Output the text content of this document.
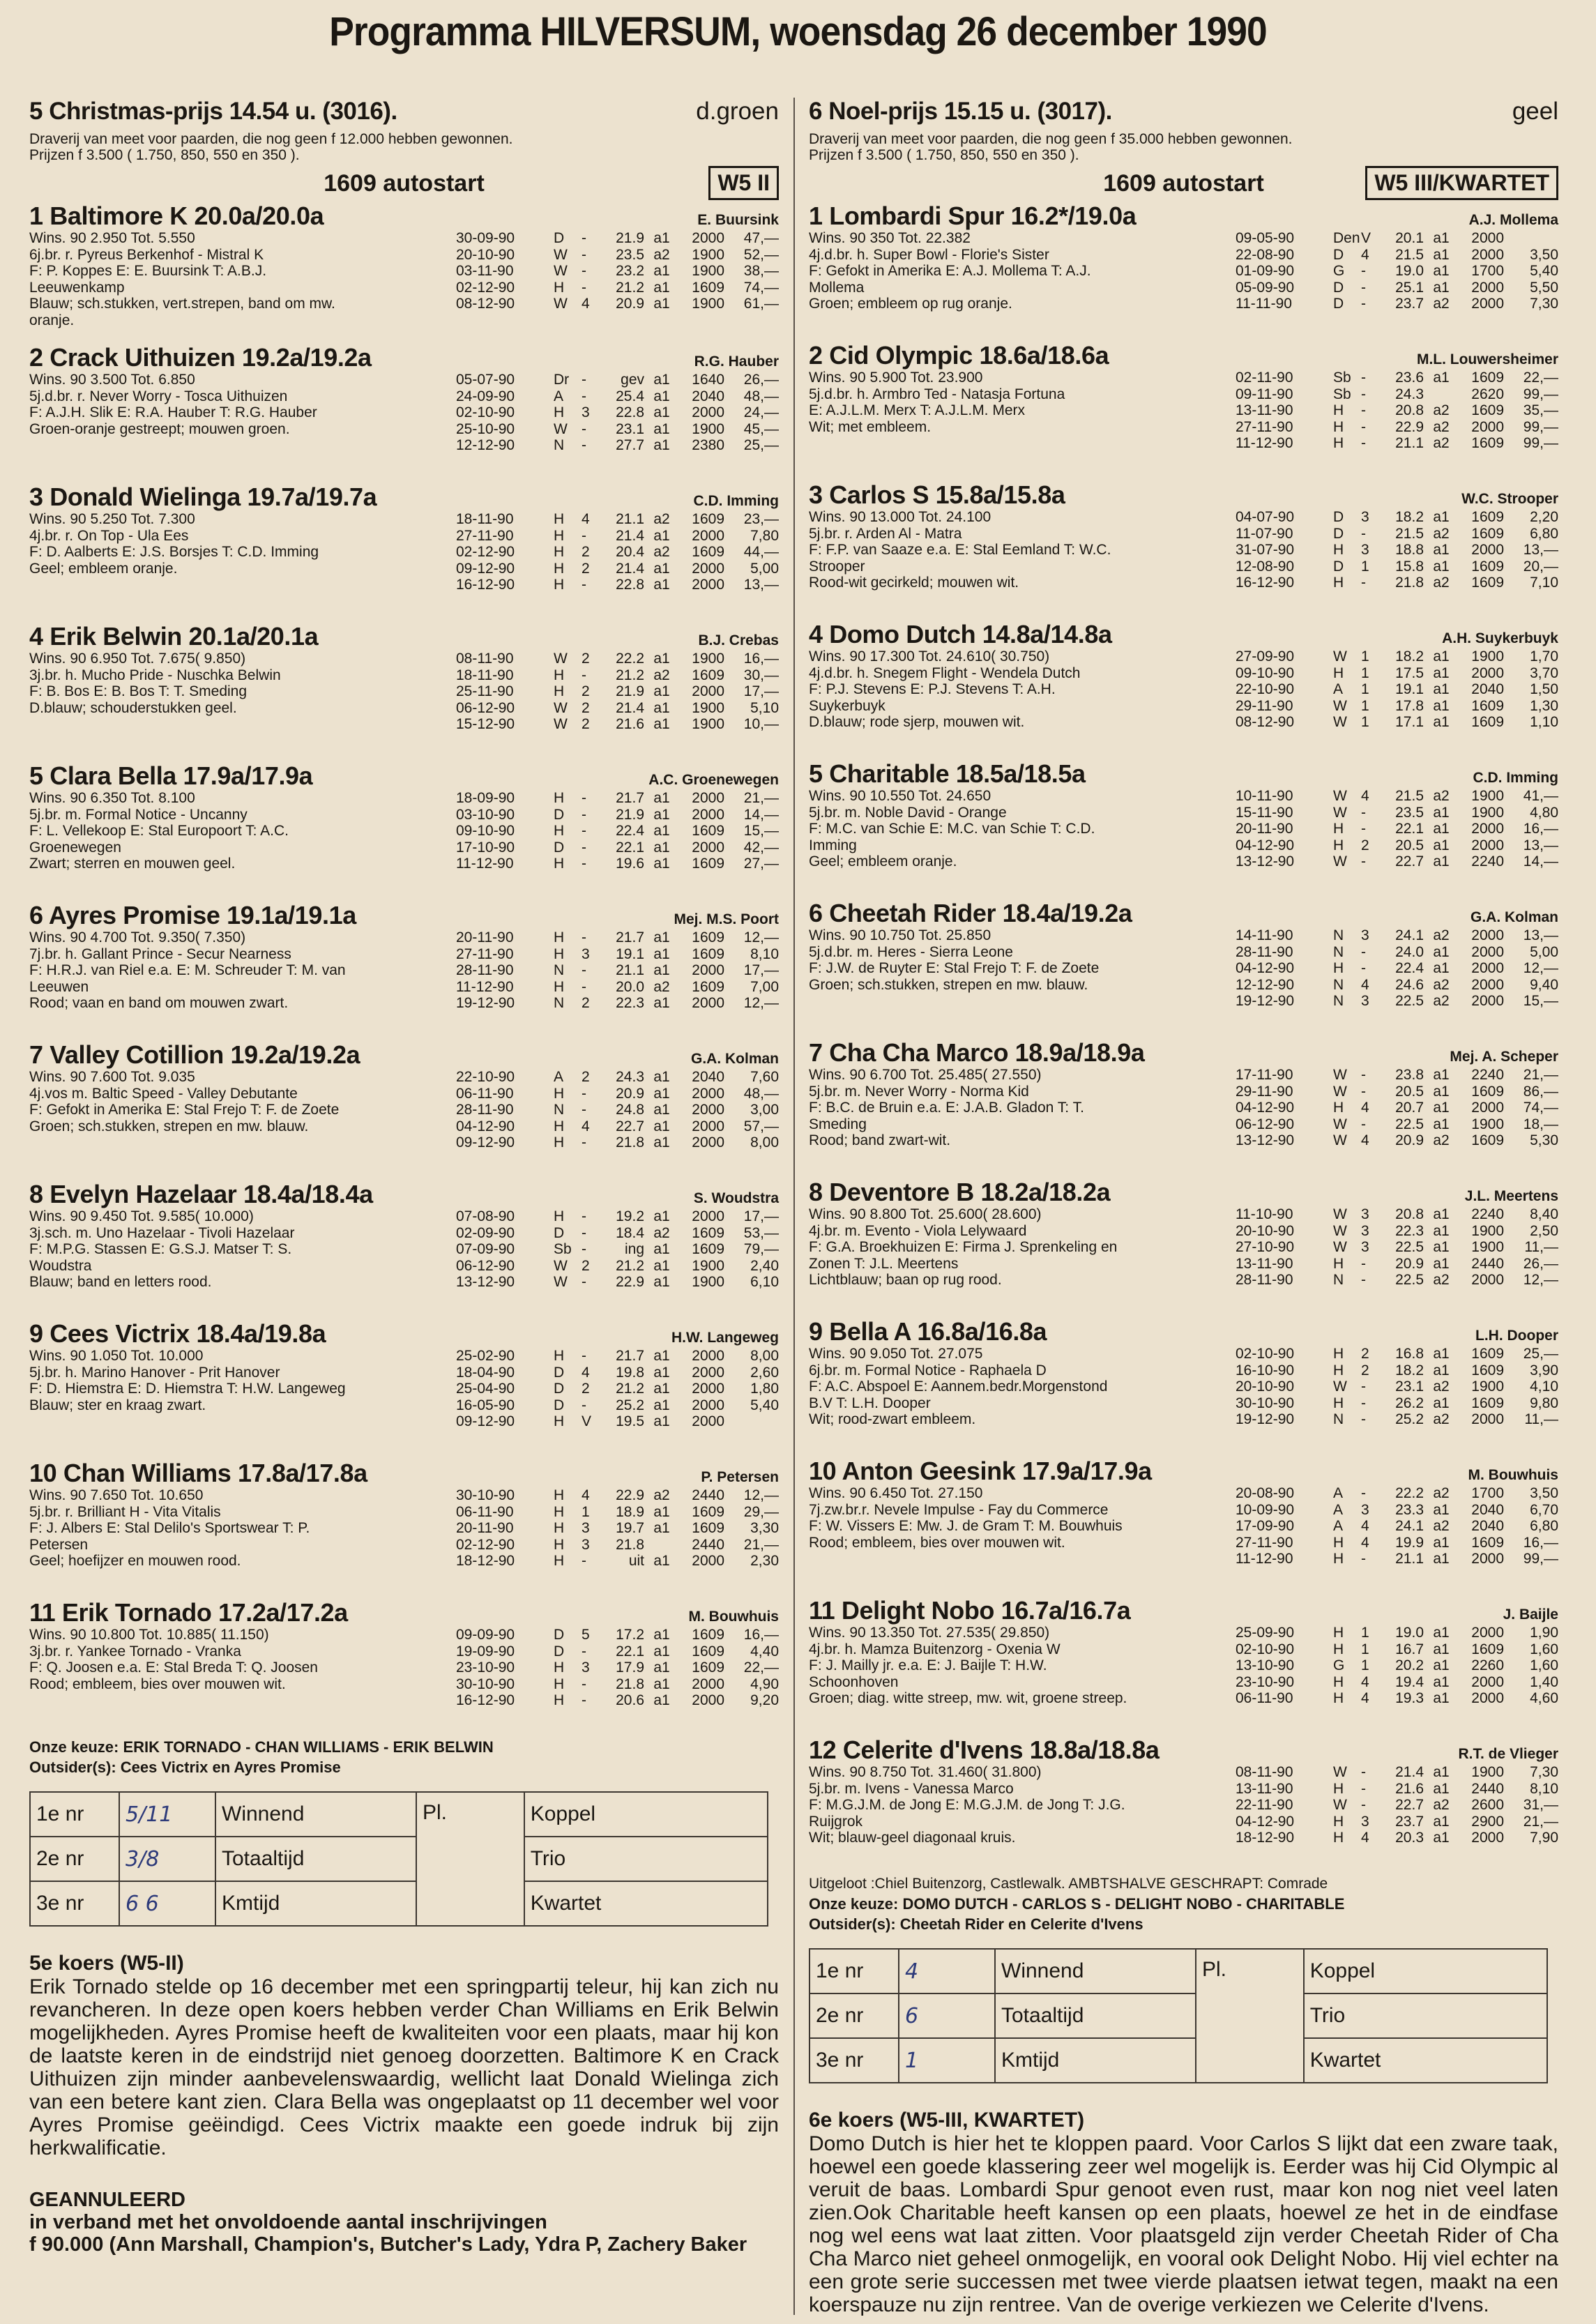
Programma HILVERSUM, woensdag 26 december 1990
5 Christmas-prijs 14.54 u. (3016).	d.groen
Draverij van meet voor paarden, die nog geen f 12.000 hebben gewonnen.
Prijzen f 3.500 ( 1.750, 850, 550 en 350 ).
1609 autostart	W5 II
1 Baltimore K 20.0a/20.0a	E. Buursink
Wins. 90 2.950 Tot. 5.550
6j.br. r. Pyreus Berkenhof - Mistral K
F: P. Koppes E: E. Buursink T: A.B.J.
Leeuwenkamp
Blauw; sch.stukken, vert.strepen, band om mw.
oranje.
30-09-90	D	-	21.9 a1	2000	47,—
20-10-90	W -	23.5 a2	1900	52,—
03-11-90	W -	23.2 a1	1900	38,—
02-12-90	H	-	21.2 a1	1609	74,—
08-12-90	W 4	20.9 a1	1900	61,—
2 Crack Uithuizen 19.2a/19.2a	R.G. Hauber
Wins. 90 3.500 Tot. 6.850
5j.d.br. r. Never Worry - Tosca Uithuizen
F: A.J.H. Slik E: R.A. Hauber T: R.G. Hauber
Groen-oranje gestreept; mouwen groen.
05-07-90	Dr -	gev a1	1640	26,—
24-09-90	A	-	25.4 a1	2040	48,—
02-10-90	H	3	22.8 a1	2000	24,—
25-10-90	W -	23.1 a1	1900	45,—
12-12-90	N	-	27.7 a1	2380	25,—
3 Donald Wielinga 19.7a/19.7a	C.D. Imming
Wins. 90 5.250 Tot. 7.300
4j.br. r. On Top - Ula Ees
F: D. Aalberts E: J.S. Borsjes T: C.D. Imming
Geel; embleem oranje.
18-11-90	H	4	21.1 a2	1609	23,—
27-11-90	H	-	21.4 a1	2000	7,80
02-12-90	H	2	20.4 a2	1609	44,—
09-12-90	H	2	21.4 a1	2000	5,00
16-12-90	H	-	22.8 a1	2000	13,—
4 Erik Belwin 20.1a/20.1a	B.J. Crebas
Wins. 90 6.950 Tot. 7.675( 9.850)
3j.br. h. Mucho Pride - Nuschka Belwin
F: B. Bos E: B. Bos T: T. Smeding
D.blauw; schouderstukken geel.
08-11-90	W 2	22.2 a1	1900	16,—
18-11-90	H	-	21.2 a2	1609	30,—
25-11-90	H	2	21.9 a1	2000	17,—
06-12-90	W 2	21.4 a1	1900	5,10
15-12-90	W 2	21.6 a1	1900	10,—
5 Clara Bella 17.9a/17.9a	A.C. Groenewegen
Wins. 90 6.350 Tot. 8.100
5j.br. m. Formal Notice - Uncanny
F: L. Vellekoop E: Stal Europoort T: A.C.
Groenewegen
Zwart; sterren en mouwen geel.
18-09-90	H	-	21.7 a1	2000	21,—
03-10-90	D	-	21.9 a1	2000	14,—
09-10-90	H	-	22.4 a1	1609	15,—
17-10-90	D	-	22.1 a1	2000	42,—
11-12-90	H	-	19.6 a1	1609	27,—
6 Ayres Promise 19.1a/19.1a	Mej. M.S. Poort
Wins. 90 4.700 Tot. 9.350( 7.350)
7j.br. h. Gallant Prince - Secur Nearness
F: H.R.J. van Riel e.a. E: M. Schreuder T: M. van
Leeuwen
Rood; vaan en band om mouwen zwart.
20-11-90	H	-	21.7 a1	1609	12,—
27-11-90	H	3	19.1 a1	1609	8,10
28-11-90	N	-	21.1 a1	2000	17,—
11-12-90	H	-	20.0 a2	1609	7,00
19-12-90	N	2	22.3 a1	2000	12,—
7 Valley Cotillion 19.2a/19.2a	G.A. Kolman
Wins. 90 7.600 Tot. 9.035
4j.vos m. Baltic Speed - Valley Debutante
F: Gefokt in Amerika E: Stal Frejo T: F. de Zoete
Groen; sch.stukken, strepen en mw. blauw.
22-10-90	A	2	24.3 a1	2040	7,60
06-11-90	H	-	20.9 a1	2000	48,—
28-11-90	N	-	24.8 a1	2000	3,00
04-12-90	H	4	22.7 a1	2000	57,—
09-12-90	H	-	21.8 a1	2000	8,00
8 Evelyn Hazelaar 18.4a/18.4a	S. Woudstra
Wins. 90 9.450 Tot. 9.585( 10.000)
3j.sch. m. Uno Hazelaar - Tivoli Hazelaar
F: M.P.G. Stassen E: G.S.J. Matser T: S.
Woudstra
Blauw; band en letters rood.
07-08-90	H	-	19.2 a1	2000	17,—
02-09-90	D	-	18.4 a2	1609	53,—
07-09-90	Sb -	ing a1	1609	79,—
06-12-90	W 2	21.2 a1	1900	2,40
13-12-90	W -	22.9 a1	1900	6,10
9 Cees Victrix 18.4a/19.8a	H.W. Langeweg
Wins. 90 1.050 Tot. 10.000
5j.br. h. Marino Hanover - Prit Hanover
F: D. Hiemstra E: D. Hiemstra T: H.W. Langeweg
Blauw; ster en kraag zwart.
25-02-90	H	-	21.7 a1	2000	8,00
18-04-90	D	4	19.8 a1	2000	2,60
25-04-90	D	2	21.2 a1	2000	1,80
16-05-90	D	-	25.2 a1	2000	5,40
09-12-90	H	V	19.5 a1	2000
10 Chan Williams 17.8a/17.8a	P. Petersen
Wins. 90 7.650 Tot. 10.650
5j.br. r. Brilliant H - Vita Vitalis
F: J. Albers E: Stal Delilo's Sportswear T: P.
Petersen
Geel; hoefijzer en mouwen rood.
30-10-90	H	4	22.9 a2	2440	12,—
06-11-90	H	1	18.9 a1	1609	29,—
20-11-90	H	3	19.7 a1	1609	3,30
02-12-90	H	3	21.8	2440	21,—
18-12-90	H	-	uit a1	2000	2,30
11 Erik Tornado 17.2a/17.2a	M. Bouwhuis
Wins. 90 10.800 Tot. 10.885( 11.150)
3j.br. r. Yankee Tornado - Vranka
F: Q. Joosen e.a. E: Stal Breda T: Q. Joosen
Rood; embleem, bies over mouwen wit.
09-09-90	D	5	17.2 a1	1609	16,—
19-09-90	D	-	22.1 a1	1609	4,40
23-10-90	H	3	17.9 a1	1609	22,—
30-10-90	H	-	21.8 a1	2000	4,90
16-12-90	H	-	20.6 a1	2000	9,20
Onze keuze: ERIK TORNADO - CHAN WILLIAMS - ERIK BELWIN
Outsider(s): Cees Victrix en Ayres Promise
1e nr	5/11	Winnend	Pl.	Koppel
2e nr	3/8	Totaaltijd		Trio
3e nr	6 6	Kmtijd		Kwartet
5e koers (W5-II)
Erik Tornado stelde op 16 december met een springpartij teleur, hij kan zich nu revancheren. In deze open koers hebben verder Chan Williams en Erik Belwin mogelijkheden. Ayres Promise heeft de kwaliteiten voor een plaats, maar hij kon de laatste keren in de eindstrijd niet genoeg doorzetten. Baltimore K en Crack Uithuizen zijn minder aanbevelenswaardig, wellicht laat Donald Wielinga zich van een betere kant zien. Clara Bella was ongeplaatst op 11 december wel voor Ayres Promise geëindigd. Cees Victrix maakte een goede indruk bij zijn herkwalificatie.
GEANNULEERD
in verband met het onvoldoende aantal inschrijvingen
f 90.000 (Ann Marshall, Champion's, Butcher's Lady, Ydra P, Zachery Baker
6 Noel-prijs 15.15 u. (3017).	geel
Draverij van meet voor paarden, die nog geen f 35.000 hebben gewonnen.
Prijzen f 3.500 ( 1.750, 850, 550 en 350 ).
1609 autostart	W5 III/KWARTET
1 Lombardi Spur 16.2*/19.0a	A.J. Mollema
Wins. 90 350 Tot. 22.382
4j.d.br. h. Super Bowl - Florie's Sister
F: Gefokt in Amerika E: A.J. Mollema T: A.J.
Mollema
Groen; embleem op rug oranje.
09-05-90	Den V	20.1 a1	2000
22-08-90	D	4	21.5 a1	2000	3,50
01-09-90	G	-	19.0 a1	1700	5,40
05-09-90	D	-	25.1 a1	2000	5,50
11-11-90	D	-	23.7 a2	2000	7,30
2 Cid Olympic 18.6a/18.6a	M.L. Louwersheimer
Wins. 90 5.900 Tot. 23.900
5j.d.br. h. Armbro Ted - Natasja Fortuna
E: A.J.L.M. Merx T: A.J.L.M. Merx
Wit; met embleem.
02-11-90	Sb -	23.6 a1	1609	22,—
09-11-90	Sb -	24.3	2620	99,—
13-11-90	H	-	20.8 a2	1609	35,—
27-11-90	H	-	22.9 a2	2000	99,—
11-12-90	H	-	21.1 a2	1609	99,—
3 Carlos S 15.8a/15.8a	W.C. Strooper
Wins. 90 13.000 Tot. 24.100
5j.br. r. Arden Al - Matra
F: F.P. van Saaze e.a. E: Stal Eemland T: W.C.
Strooper
Rood-wit gecirkeld; mouwen wit.
04-07-90	D	3	18.2 a1	1609	2,20
11-07-90	D	-	21.5 a2	1609	6,80
31-07-90	H	3	18.8 a1	2000	13,—
12-08-90	D	1	15.8 a1	1609	20,—
16-12-90	H	-	21.8 a2	1609	7,10
4 Domo Dutch 14.8a/14.8a	A.H. Suykerbuyk
Wins. 90 17.300 Tot. 24.610( 30.750)
4j.d.br. h. Snegem Flight - Wendela Dutch
F: P.J. Stevens E: P.J. Stevens T: A.H.
Suykerbuyk
D.blauw; rode sjerp, mouwen wit.
27-09-90	W 1	18.2 a1	1900	1,70
09-10-90	H	1	17.5 a1	2000	3,70
22-10-90	A	1	19.1 a1	2040	1,50
29-11-90	W 1	17.8 a1	1609	1,30
08-12-90	W 1	17.1 a1	1609	1,10
5 Charitable 18.5a/18.5a	C.D. Imming
Wins. 90 10.550 Tot. 24.650
5j.br. m. Noble David - Orange
F: M.C. van Schie E: M.C. van Schie T: C.D.
Imming
Geel; embleem oranje.
10-11-90	W 4	21.5 a2	1900	41,—
15-11-90	W -	23.5 a1	1900	4,80
20-11-90	H	-	22.1 a1	2000	16,—
04-12-90	H	2	20.5 a1	2000	13,—
13-12-90	W -	22.7 a1	2240	14,—
6 Cheetah Rider 18.4a/19.2a	G.A. Kolman
Wins. 90 10.750 Tot. 25.850
5j.d.br. m. Heres - Sierra Leone
F: J.W. de Ruyter E: Stal Frejo T: F. de Zoete
Groen; sch.stukken, strepen en mw. blauw.
14-11-90	N	3	24.1 a2	2000	13,—
28-11-90	N	-	24.0 a1	2000	5,00
04-12-90	H	-	22.4 a1	2000	12,—
12-12-90	N	4	24.6 a2	2000	9,40
19-12-90	N	3	22.5 a2	2000	15,—
7 Cha Cha Marco 18.9a/18.9a	Mej. A. Scheper
Wins. 90 6.700 Tot. 25.485( 27.550)
5j.br. m. Never Worry - Norma Kid
F: B.C. de Bruin e.a. E: J.A.B. Gladon T: T.
Smeding
Rood; band zwart-wit.
17-11-90	W -	23.8 a1	2240	21,—
29-11-90	W -	20.5 a1	1609	86,—
04-12-90	H	4	20.7 a1	2000	74,—
06-12-90	W -	22.5 a1	1900	18,—
13-12-90	W 4	20.9 a2	1609	5,30
8 Deventore B 18.2a/18.2a	J.L. Meertens
Wins. 90 8.800 Tot. 25.600( 28.600)
4j.br. m. Evento - Viola Lelywaard
F: G.A. Broekhuizen E: Firma J. Sprenkeling en
Zonen T: J.L. Meertens
Lichtblauw; baan op rug rood.
11-10-90	W 3	20.8 a1	2240	8,40
20-10-90	W 3	22.3 a1	1900	2,50
27-10-90	W 3	22.5 a1	1900	11,—
13-11-90	H	-	20.9 a1	2440	26,—
28-11-90	N	-	22.5 a2	2000	12,—
9 Bella A 16.8a/16.8a	L.H. Dooper
Wins. 90 9.050 Tot. 27.075
6j.br. m. Formal Notice - Raphaela D
F: A.C. Abspoel E: Aannem.bedr.Morgenstond
B.V T: L.H. Dooper
Wit; rood-zwart embleem.
02-10-90	H	2	16.8 a1	1609	25,—
16-10-90	H	2	18.2 a1	1609	3,90
20-10-90	W -	23.1 a2	1900	4,10
30-10-90	H	-	26.2 a1	1609	9,80
19-12-90	N	-	25.2 a2	2000	11,—
10 Anton Geesink 17.9a/17.9a	M. Bouwhuis
Wins. 90 6.450 Tot. 27.150
7j.zw.br.r. Nevele Impulse - Fay du Commerce
F: W. Vissers E: Mw. J. de Gram T: M. Bouwhuis
Rood; embleem, bies over mouwen wit.
20-08-90	A	-	22.2 a2	1700	3,50
10-09-90	A	3	23.3 a1	2040	6,70
17-09-90	A	4	24.1 a2	2040	6,80
27-11-90	H	4	19.9 a1	1609	16,—
11-12-90	H	-	21.1 a1	2000	99,—
11 Delight Nobo 16.7a/16.7a	J. Baijle
Wins. 90 13.350 Tot. 27.535( 29.850)
4j.br. h. Mamza Buitenzorg - Oxenia W
F: J. Mailly jr. e.a. E: J. Baijle T: H.W.
Schoonhoven
Groen; diag. witte streep, mw. wit, groene streep.
25-09-90	H	1	19.0 a1	2000	1,90
02-10-90	H	1	16.7 a1	1609	1,60
13-10-90	G	1	20.2 a1	2260	1,60
23-10-90	H	4	19.4 a1	2000	1,40
06-11-90	H	4	19.3 a1	2000	4,60
12 Celerite d'Ivens 18.8a/18.8a	R.T. de Vlieger
Wins. 90 8.750 Tot. 31.460( 31.800)
5j.br. m. Ivens - Vanessa Marco
F: M.G.J.M. de Jong E: M.G.J.M. de Jong T: J.G.
Ruijgrok
Wit; blauw-geel diagonaal kruis.
08-11-90	W -	21.4 a1	1900	7,30
13-11-90	H	-	21.6 a1	2440	8,10
22-11-90	W -	22.7 a2	2600	31,—
04-12-90	H	3	23.7 a1	2900	21,—
18-12-90	H	4	20.3 a1	2000	7,90
Uitgeloot :Chiel Buitenzorg, Castlewalk. AMBTSHALVE GESCHRAPT: Comrade
Onze keuze: DOMO DUTCH - CARLOS S - DELIGHT NOBO - CHARITABLE
Outsider(s): Cheetah Rider en Celerite d'Ivens
1e nr	4	Winnend	Pl.	Koppel
2e nr	6	Totaaltijd		Trio
3e nr	1	Kmtijd		Kwartet
6e koers (W5-III, KWARTET)
Domo Dutch is hier het te kloppen paard. Voor Carlos S lijkt dat een zware taak, hoewel een goede klassering zeer wel mogelijk is. Eerder was hij Cid Olympic al veruit de baas. Lombardi Spur genoot even rust, maar kon nog niet veel laten zien.Ook Charitable heeft kansen op een plaats, hoewel ze het in de eindfase nog wel eens wat laat zitten. Voor plaatsgeld zijn verder Cheetah Rider of Cha Cha Marco niet geheel onmogelijk, en vooral ook Delight Nobo. Hij viel echter na een grote serie successen met twee vierde plaatsen ietwat tegen, maakt na een koerspauze nu zijn rentree. Van de overige verkiezen we Celerite d'Ivens.
